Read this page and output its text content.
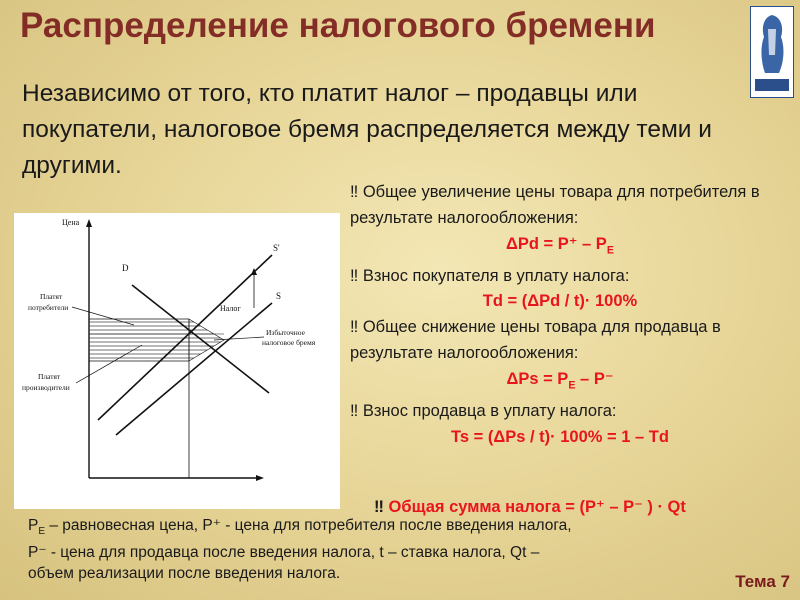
Распределение налогового бремени
Независимо от того, кто платит налог – продавцы или покупатели, налоговое бремя распределяется между теми и другими.
Цена
D
S'
S
Налог
Платят
потребители
Избыточное
налоговое бремя
Платят
производители
‼ Общее увеличение цены товара для потребителя в результате налогообложения:
$\Delta Pd = P^+ - P_E$
‼ Взнос покупателя в уплату налога:
Td = (ΔPd / t)· 100%
‼ Общее снижение цены товара для продавца в результате налогообложения:
$\Delta Ps = P_E - P^-$
‼ Взнос продавца в уплату налога:
Ts = (ΔPs / t)· 100% = 1 – Td
‼ Общая сумма налога = (P⁺ – P⁻ ) · Qt
$P_E$ – равновесная цена, P⁺ - цена для потребителя после введения налога,
P⁻ - цена для продавца после введения налога, t – ставка налога, Qt –
объем реализации после введения налога.	Тема 7
